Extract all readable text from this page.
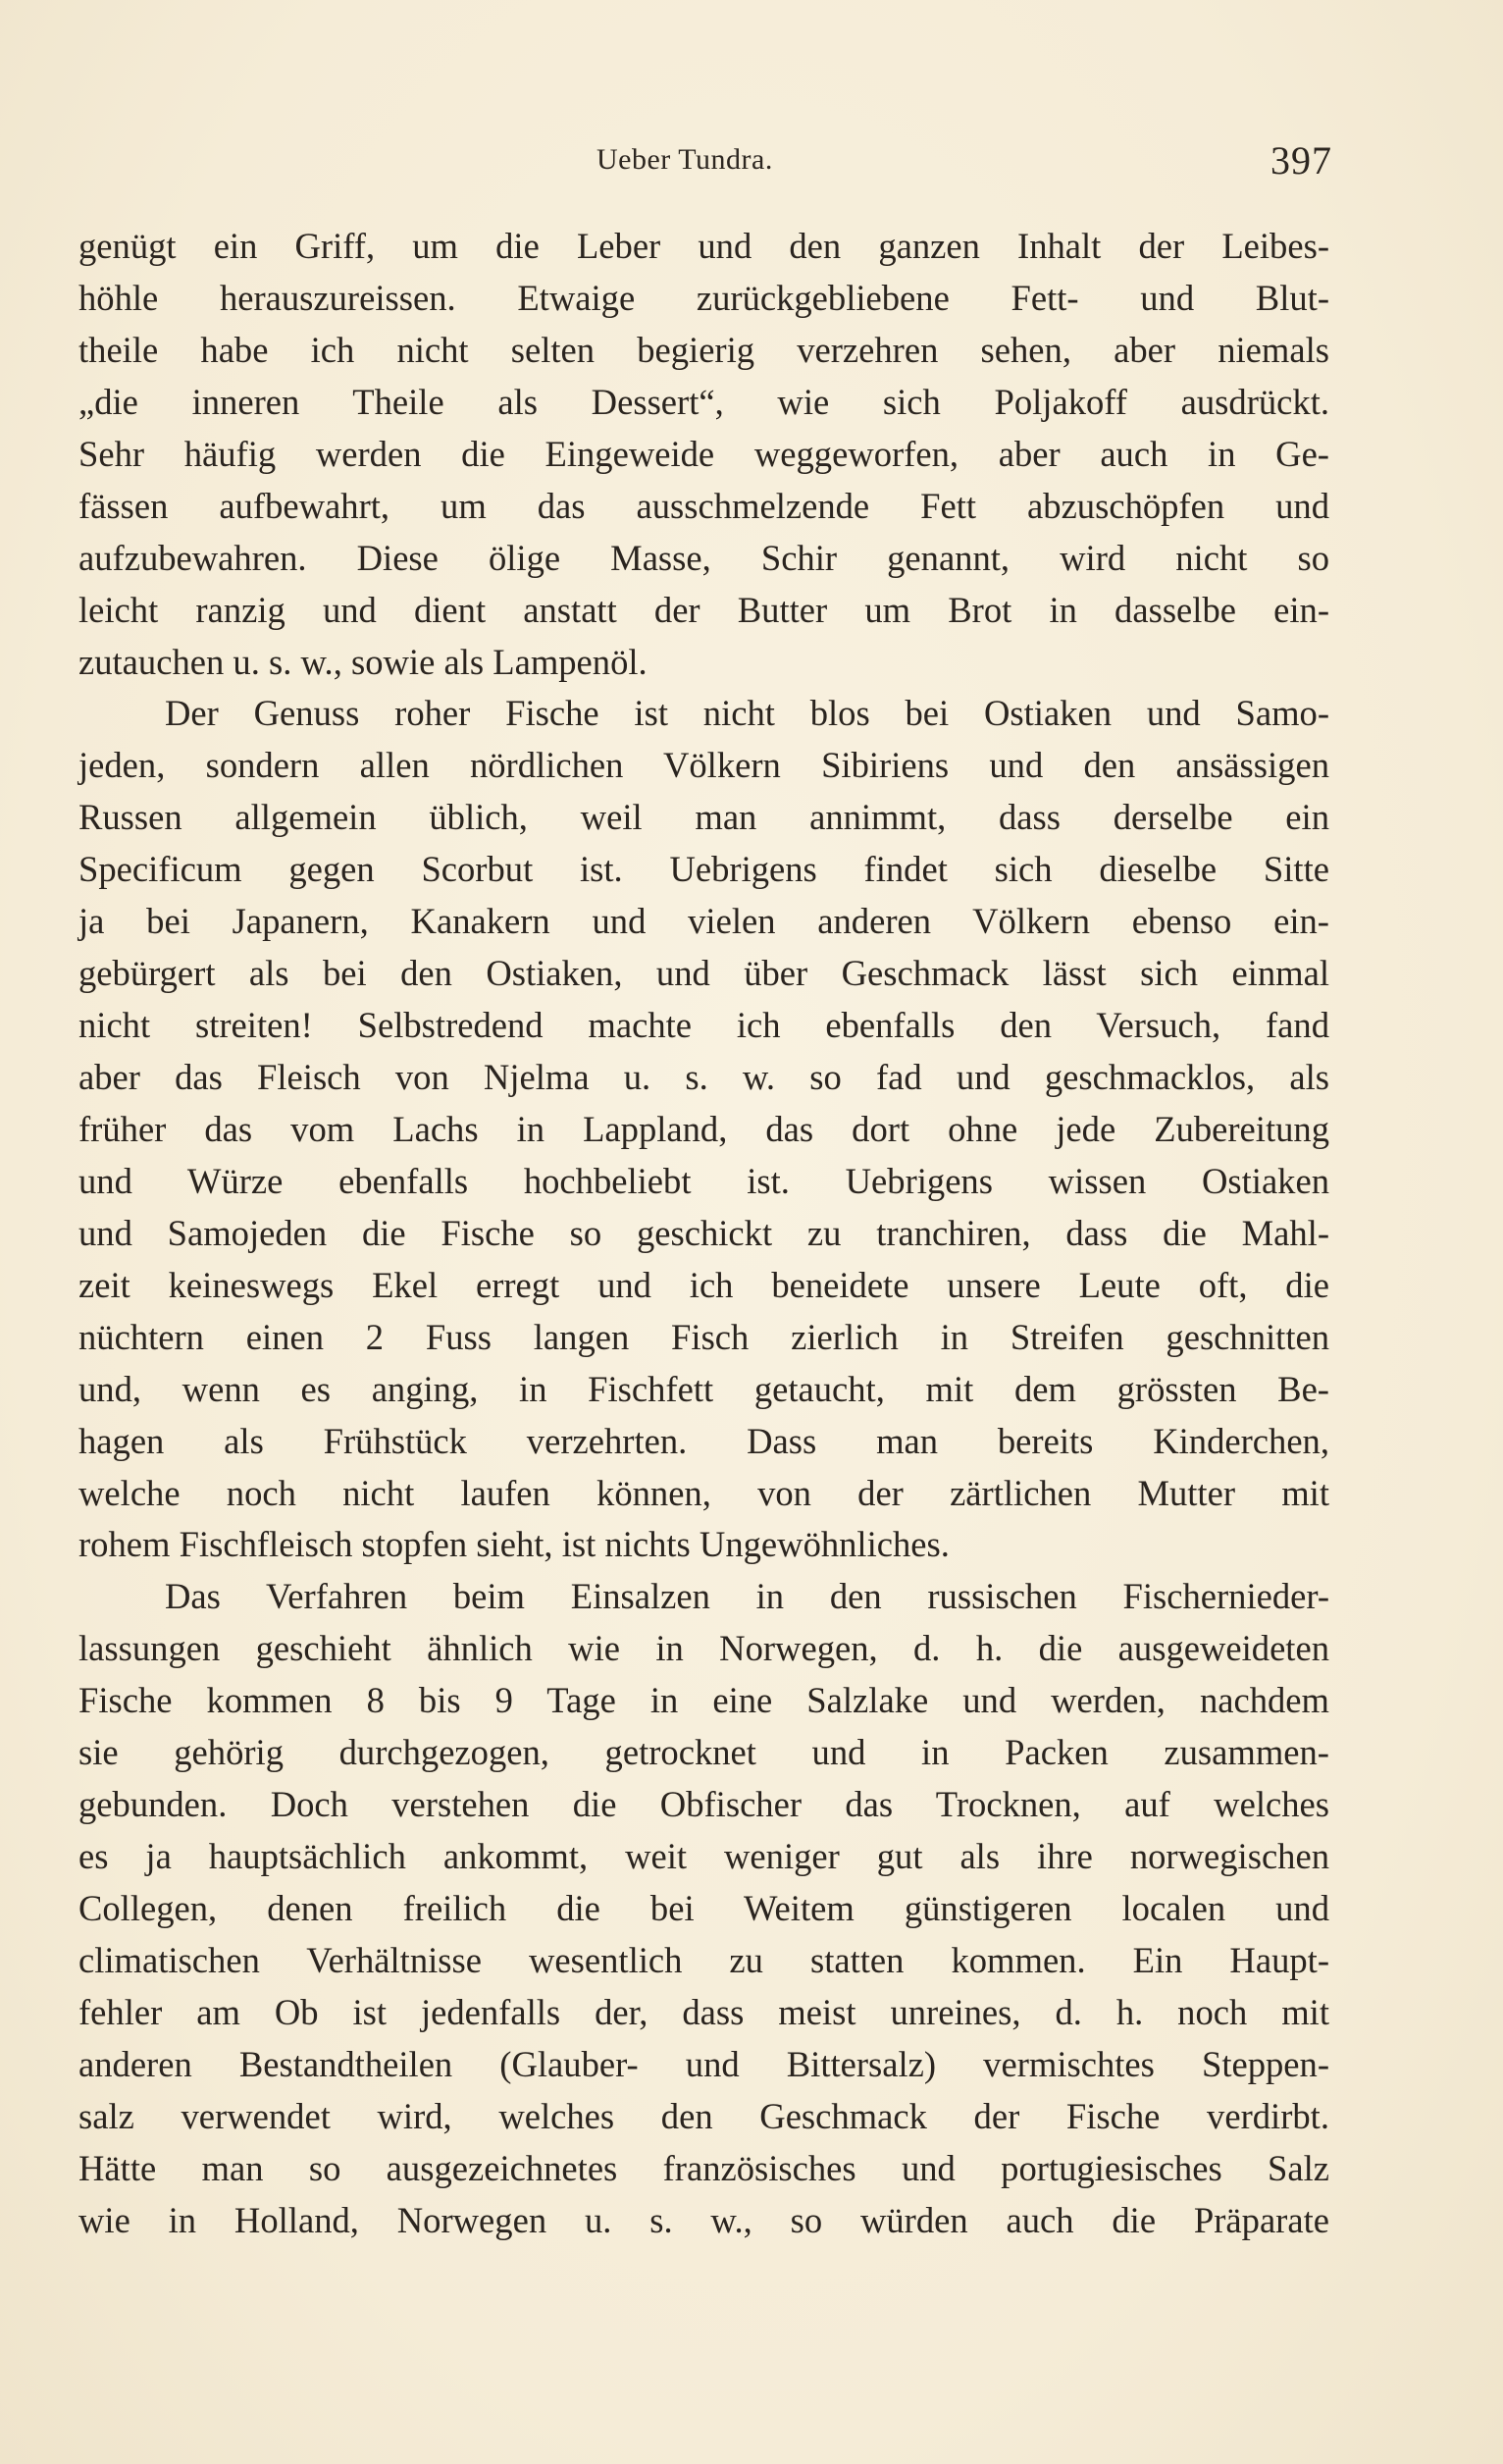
Ueber Tundra.	397
genügt ein Griff, um die Leber und den ganzen Inhalt der Leibes-
höhle herauszureissen. Etwaige zurückgebliebene Fett- und Blut-
theile habe ich nicht selten begierig verzehren sehen, aber niemals
„die inneren Theile als Dessert“, wie sich Poljakoff ausdrückt.
Sehr häufig werden die Eingeweide weggeworfen, aber auch in Ge-
fässen aufbewahrt, um das ausschmelzende Fett abzuschöpfen und
aufzubewahren. Diese ölige Masse, Schir genannt, wird nicht so
leicht ranzig und dient anstatt der Butter um Brot in dasselbe ein-
zutauchen u. s. w., sowie als Lampenöl.
Der Genuss roher Fische ist nicht blos bei Ostiaken und Samo-
jeden, sondern allen nördlichen Völkern Sibiriens und den ansässigen
Russen allgemein üblich, weil man annimmt, dass derselbe ein
Specificum gegen Scorbut ist. Uebrigens findet sich dieselbe Sitte
ja bei Japanern, Kanakern und vielen anderen Völkern ebenso ein-
gebürgert als bei den Ostiaken, und über Geschmack lässt sich einmal
nicht streiten! Selbstredend machte ich ebenfalls den Versuch, fand
aber das Fleisch von Njelma u. s. w. so fad und geschmacklos, als
früher das vom Lachs in Lappland, das dort ohne jede Zubereitung
und Würze ebenfalls hochbeliebt ist. Uebrigens wissen Ostiaken
und Samojeden die Fische so geschickt zu tranchiren, dass die Mahl-
zeit keineswegs Ekel erregt und ich beneidete unsere Leute oft, die
nüchtern einen 2 Fuss langen Fisch zierlich in Streifen geschnitten
und, wenn es anging, in Fischfett getaucht, mit dem grössten Be-
hagen als Frühstück verzehrten. Dass man bereits Kinderchen,
welche noch nicht laufen können, von der zärtlichen Mutter mit
rohem Fischfleisch stopfen sieht, ist nichts Ungewöhnliches.
Das Verfahren beim Einsalzen in den russischen Fischernieder-
lassungen geschieht ähnlich wie in Norwegen, d. h. die ausgeweideten
Fische kommen 8 bis 9 Tage in eine Salzlake und werden, nachdem
sie gehörig durchgezogen, getrocknet und in Packen zusammen-
gebunden. Doch verstehen die Obfischer das Trocknen, auf welches
es ja hauptsächlich ankommt, weit weniger gut als ihre norwegischen
Collegen, denen freilich die bei Weitem günstigeren localen und
climatischen Verhältnisse wesentlich zu statten kommen. Ein Haupt-
fehler am Ob ist jedenfalls der, dass meist unreines, d. h. noch mit
anderen Bestandtheilen (Glauber- und Bittersalz) vermischtes Steppen-
salz verwendet wird, welches den Geschmack der Fische verdirbt.
Hätte man so ausgezeichnetes französisches und portugiesisches Salz
wie in Holland, Norwegen u. s. w., so würden auch die Präparate
